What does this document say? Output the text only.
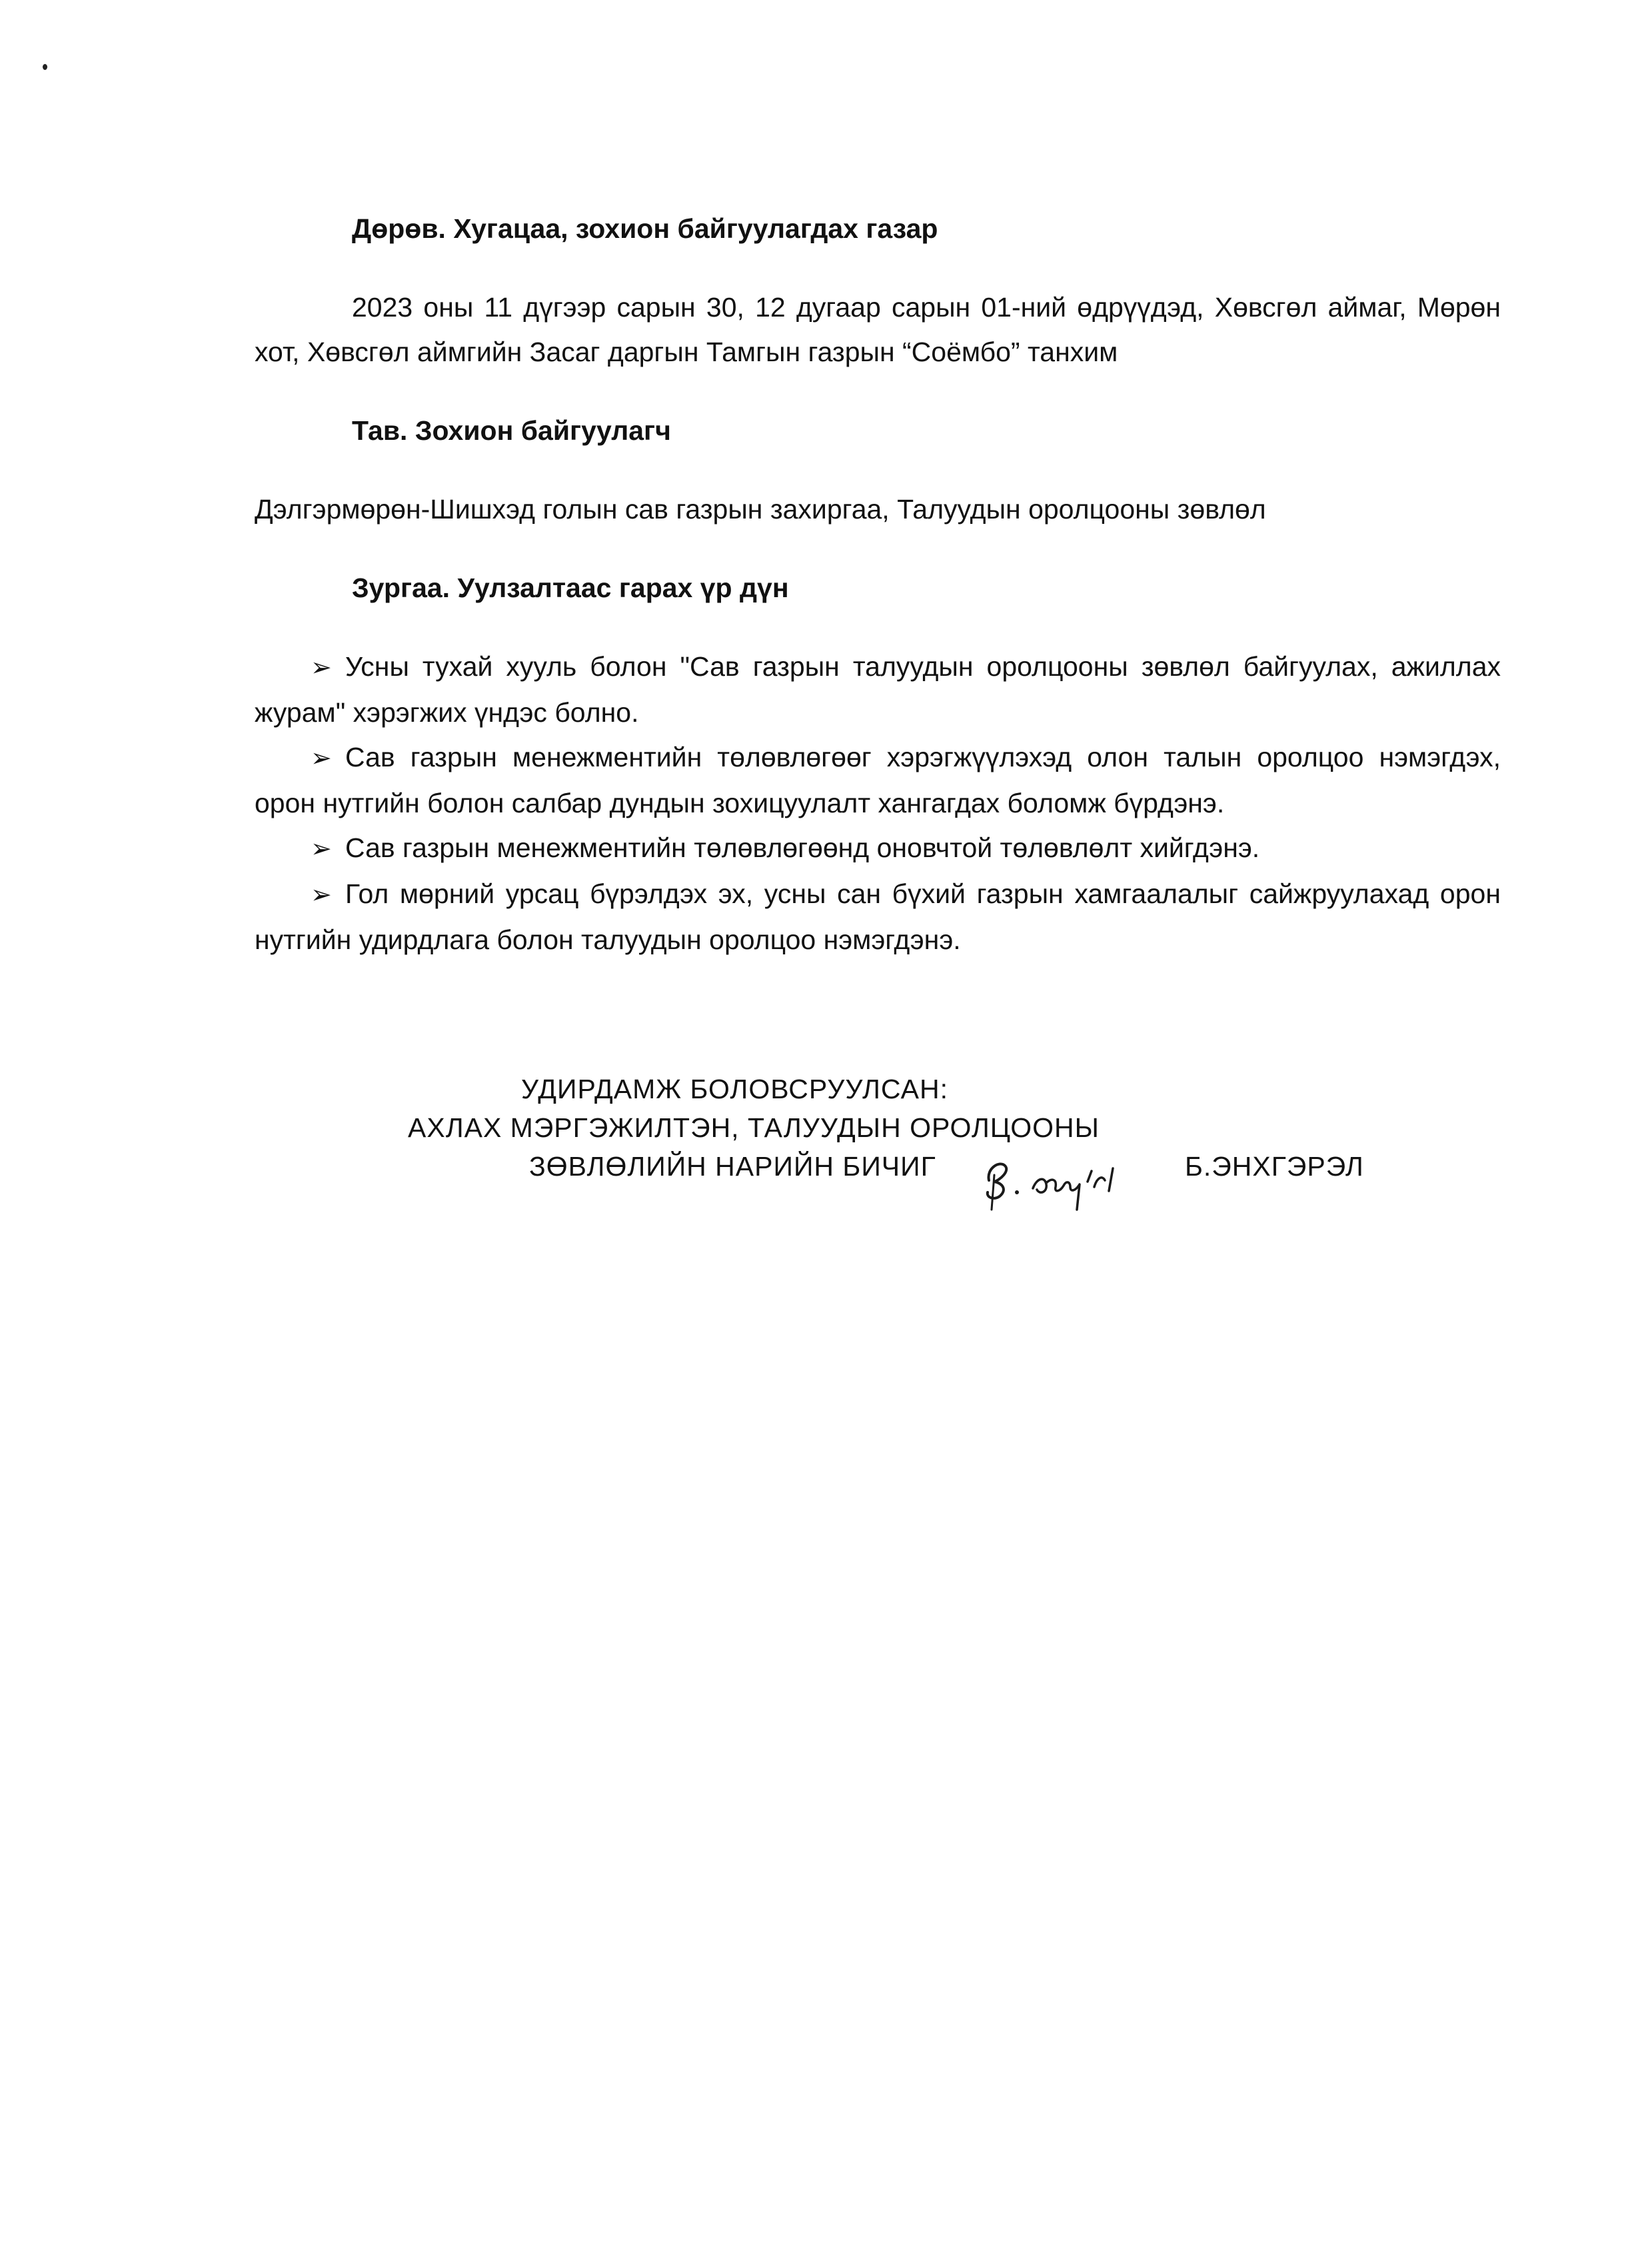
Дөрөв. Хугацаа, зохион байгуулагдах газар

2023 оны 11 дүгээр сарын 30, 12 дугаар сарын 01-ний өдрүүдэд, Хөвсгөл аймаг, Мөрөн хот, Хөвсгөл аймгийн Засаг даргын Тамгын газрын “Соёмбо” танхим

Тав. Зохион байгуулагч

Дэлгэрмөрөн-Шишхэд голын сав газрын захиргаа, Талуудын оролцооны зөвлөл

Зургаа. Уулзалтаас гарах үр дүн

➢ Усны тухай хууль болон "Сав газрын талуудын оролцооны зөвлөл байгуулах, ажиллах журам" хэрэгжих үндэс болно.
➢ Сав газрын менежментийн төлөвлөгөөг хэрэгжүүлэхэд олон талын оролцоо нэмэгдэх, орон нутгийн болон салбар дундын зохицуулалт хангагдах боломж бүрдэнэ.
➢ Сав газрын менежментийн төлөвлөгөөнд оновчтой төлөвлөлт хийгдэнэ.
➢ Гол мөрний урсац бүрэлдэх эх, усны сан бүхий газрын хамгаалалыг сайжруулахад орон нутгийн удирдлага болон талуудын оролцоо нэмэгдэнэ.
УДИРДАМЖ БОЛОВСРУУЛСАН:
АХЛАХ МЭРГЭЖИЛТЭН, ТАЛУУДЫН ОРОЛЦООНЫ
ЗӨВЛӨЛИЙН НАРИЙН БИЧИГ	Б.ЭНХГЭРЭЛ
